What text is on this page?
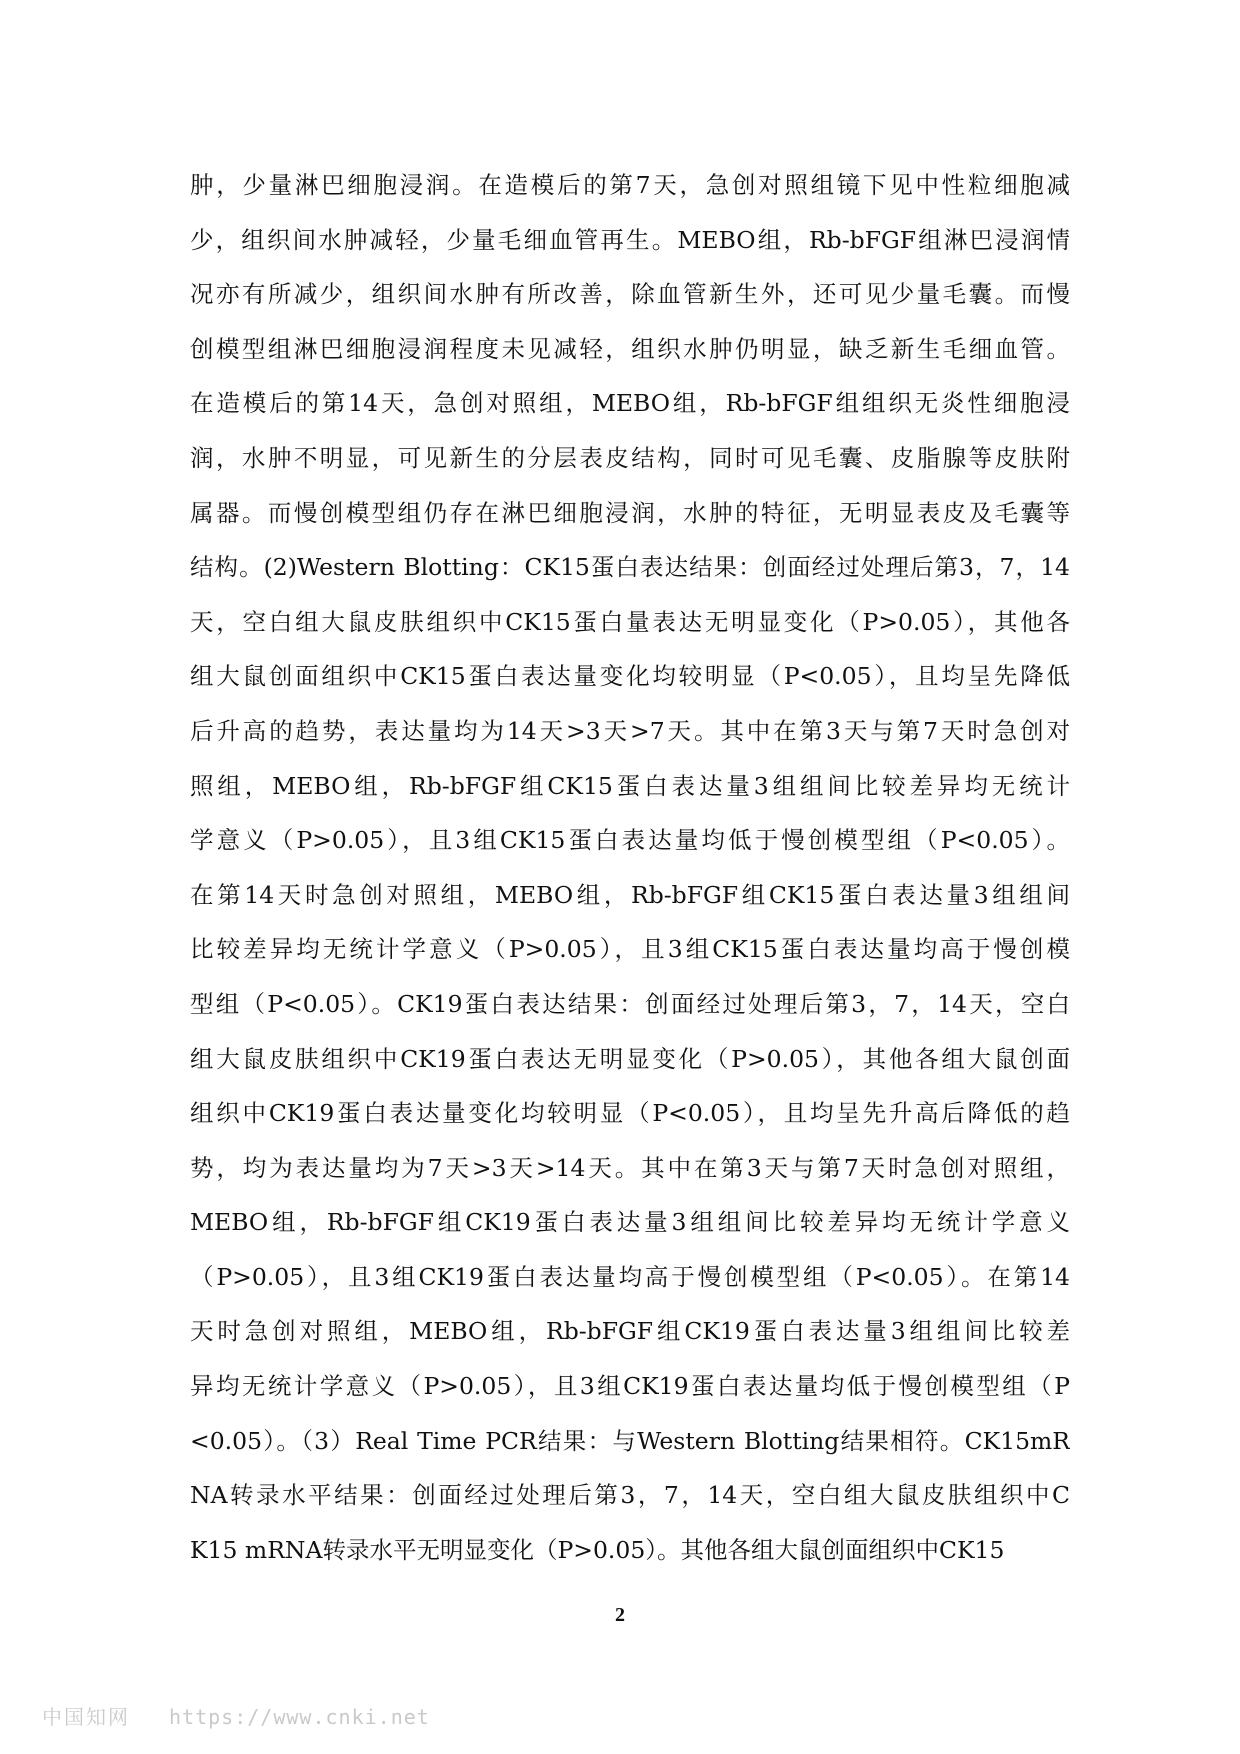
肿，少量淋巴细胞浸润。在造模后的第7天，急创对照组镜下见中性粒细胞减
少，组织间水肿减轻，少量毛细血管再生。MEBO组，Rb-bFGF组淋巴浸润情
况亦有所减少，组织间水肿有所改善，除血管新生外，还可见少量毛囊。而慢
创模型组淋巴细胞浸润程度未见减轻，组织水肿仍明显，缺乏新生毛细血管。
在造模后的第14天，急创对照组，MEBO组，Rb-bFGF组组织无炎性细胞浸
润，水肿不明显，可见新生的分层表皮结构，同时可见毛囊、皮脂腺等皮肤附
属器。而慢创模型组仍存在淋巴细胞浸润，水肿的特征，无明显表皮及毛囊等
结构。(2)Western Blotting：CK15蛋白表达结果：创面经过处理后第3，7，14
天，空白组大鼠皮肤组织中CK15蛋白量表达无明显变化（P>0.05），其他各
组大鼠创面组织中CK15蛋白表达量变化均较明显（P<0.05），且均呈先降低
后升高的趋势，表达量均为14天>3天>7天。其中在第3天与第7天时急创对
照组，MEBO组，Rb-bFGF组CK15蛋白表达量3组组间比较差异均无统计
学意义（P>0.05），且3组CK15蛋白表达量均低于慢创模型组（P<0.05）。
在第14天时急创对照组，MEBO组，Rb-bFGF组CK15蛋白表达量3组组间
比较差异均无统计学意义（P>0.05），且3组CK15蛋白表达量均高于慢创模
型组（P<0.05）。CK19蛋白表达结果：创面经过处理后第3，7，14天，空白
组大鼠皮肤组织中CK19蛋白表达无明显变化（P>0.05），其他各组大鼠创面
组织中CK19蛋白表达量变化均较明显（P<0.05），且均呈先升高后降低的趋
势，均为表达量均为7天>3天>14天。其中在第3天与第7天时急创对照组，
MEBO组，Rb-bFGF组CK19蛋白表达量3组组间比较差异均无统计学意义
（P>0.05），且3组CK19蛋白表达量均高于慢创模型组（P<0.05）。在第14
天时急创对照组，MEBO组，Rb-bFGF组CK19蛋白表达量3组组间比较差
异均无统计学意义（P>0.05），且3组CK19蛋白表达量均低于慢创模型组（P
<0.05）。（3）Real Time PCR结果：与Western Blotting结果相符。CK15mR
NA转录水平结果：创面经过处理后第3，7，14天，空白组大鼠皮肤组织中C
K15 mRNA转录水平无明显变化（P>0.05）。其他各组大鼠创面组织中CK15
2
中国知网 https://www.cnki.net
